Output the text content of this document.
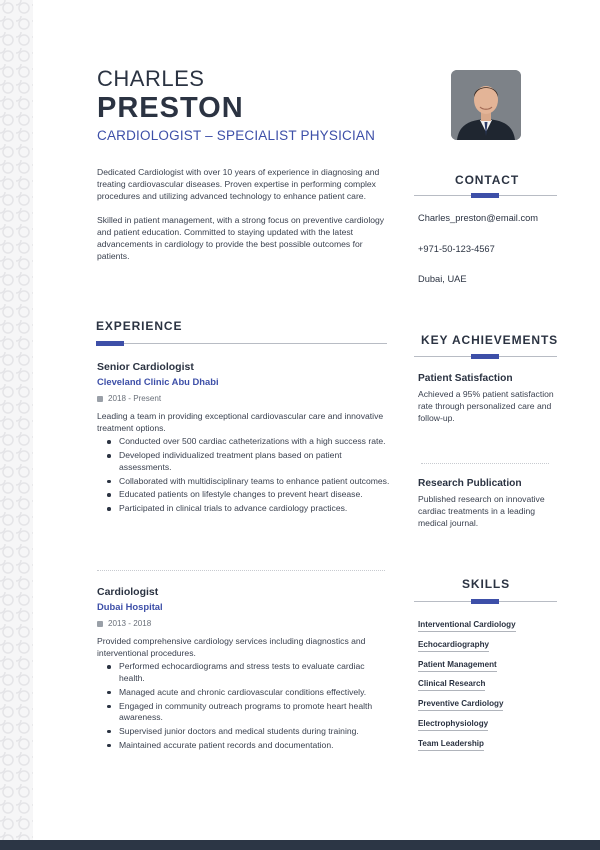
CHARLES
PRESTON
CARDIOLOGIST – SPECIALIST PHYSICIAN

Dedicated Cardiologist with over 10 years of experience in diagnosing and treating cardiovascular diseases. Proven expertise in performing complex procedures and utilizing advanced technology to enhance patient care.

Skilled in patient management, with a strong focus on preventive cardiology and patient education. Committed to staying updated with the latest advancements in cardiology to provide the best possible outcomes for patients.

CONTACT
Charles_preston@email.com
+971-50-123-4567
Dubai, UAE
EXPERIENCE
Senior Cardiologist
Cleveland Clinic Abu Dhabi
2018 - Present
Leading a team in providing exceptional cardiovascular care and innovative treatment options.
Conducted over 500 cardiac catheterizations with a high success rate.
Developed individualized treatment plans based on patient assessments.
Collaborated with multidisciplinary teams to enhance patient outcomes.
Educated patients on lifestyle changes to prevent heart disease.
Participated in clinical trials to advance cardiology practices.
Cardiologist
Dubai Hospital
2013 - 2018
Provided comprehensive cardiology services including diagnostics and interventional procedures.
Performed echocardiograms and stress tests to evaluate cardiac health.
Managed acute and chronic cardiovascular conditions effectively.
Engaged in community outreach programs to promote heart health awareness.
Supervised junior doctors and medical students during training.
Maintained accurate patient records and documentation.
KEY ACHIEVEMENTS
Patient Satisfaction
Achieved a 95% patient satisfaction rate through personalized care and follow-up.
Research Publication
Published research on innovative cardiac treatments in a leading medical journal.
SKILLS
Interventional Cardiology
Echocardiography
Patient Management
Clinical Research
Preventive Cardiology
Electrophysiology
Team Leadership
